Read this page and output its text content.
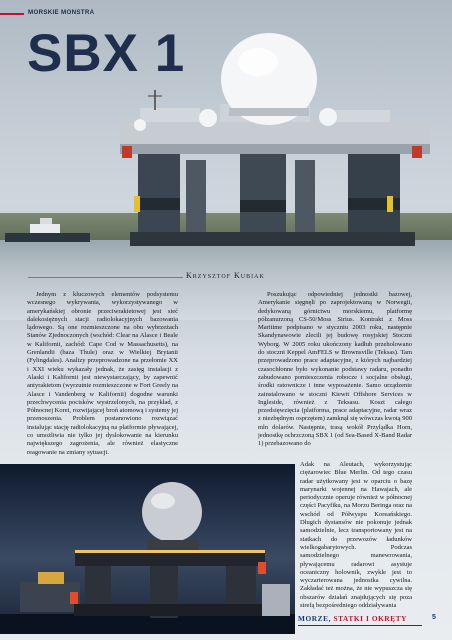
MORSKIE MONSTRA
SBX 1
Krzysztof Kubiak

Jednym z kluczowych elementów podsystemu wczesnego wykrywania, wykorzystywanego w amerykańskiej obronie przeciwrakietowej jest sieć dalekosiężnych stacji radiolokacyjnych bazowania lądowego. Są one rozmieszczone na obu wybrzeżach Stanów Zjednoczonych (wschód: Clear na Alasce i Beale w Kalifornii, zachód: Cape Cod w Massachusetts), na Grenlandii (baza Thule) oraz w Wielkiej Brytanii (Fylingdales). Analizy przeprowadzone na przełomie XX i XXI wieku wykazały jednak, że zasięg instalacji z Alaski i Kalifornii jest niewystarczający, by zapewnić antyrakietom (wyrzutnie rozmieszczone w Fort Greely na Alasce i Vandenberg w Kalifornii) dogodne warunki przechwycenia pocisków wystrzelonych, na przykład, z Północnej Korei, rozwijającej broń atomową i systemy jej przenoszenia. Problem postanowiono rozwiązać instalując stację radiolokacyjną na platformie pływającej, co umożliwia nie tylko jej dyslokowanie na kierunku największego zagrożenia, ale również elastyczne reagowanie na zmiany sytuacji.

Poszukując odpowiedniej jednostki bazowej, Amerykanie sięgnęli po zaprojektowaną w Norwegii, dedykowaną górnictwu morskiemu, platformę półzanurzoną CS-50/Moss Sirius. Kontrakt z Moss Maritime podpisano w styczniu 2003 roku, następnie Skandynawowie zlecili jej budowę rosyjskiej Stoczni Wyborg. W 2005 roku ukończony kadłub przeholowano do stoczni Keppel AmFELS w Brownsville (Teksas). Tam przeprowadzono prace adaptacyjne, z których najbardziej czasochłonne było wykonanie podstawy radaru, ponadto zabudowano pomieszczenia robocze i socjalne obsługi, środki ratownicze i inne wyposażenie. Samo urządzenie zainstalowano w stoczni Kiewit Offshore Services w Ingleside, również z Teksasu. Koszt całego przedsięwzięcia (platforma, prace adaptacyjne, radar wraz z niezbędnym osprzętem) zamknął się wówczas kwotą 900 mln dolarów. Następnie, trasą wokół Przylądka Horn, jednostkę ochrzczoną SBX 1 (od Sea-Based X-Band Radar 1) przebazowano do

Adak na Aleutach, wykorzystując ciężarowiec Blue Merlin. Od tego czasu radar użytkowany jest w oparciu o bazę marynarki wojennej na Hawajach, ale periodycznie operuje również w północnej części Pacyfiku, na Morzu Beringa oraz na wschód od Półwyspu Koreańskiego. Długich dystansów nie pokonuje jednak samodzielnie, lecz transportowany jest na statkach do przewozów ładunków wielkogabarytowych. Podczas samodzielnego manewrowania, pływającemu radarowi asystuje oceaniczny holownik, zwykle jest to wyczarterowana jednostka cywilna. Zakładać też można, że nie wypuszcza się obszarów działań znajdujących się poza strefą bezpośredniego oddziaływania

MORZE, STATKI I OKRĘTY	5
